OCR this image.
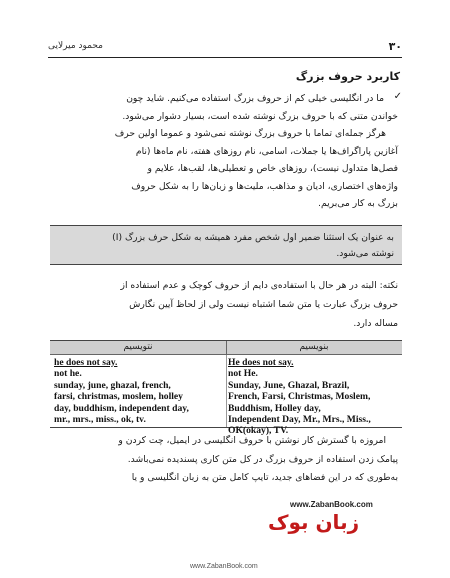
۳۰
محمود میرلایی
کاربرد حروف بزرگ
✓
ما در انگلیسی خیلی کم از حروف بزرگ استفاده می‌کنیم. شاید چون
خواندن متنی که با حروف بزرگ نوشته شده است، بسیار دشوار می‌شود.
هرگز جمله‌ای تماما با حروف بزرگ نوشته نمی‌شود و عموما اولین حرف
آغازین پاراگراف‌ها یا جملات، اسامی، نام روزهای هفته، نام ماه‌ها (نام
فصل‌ها متداول نیست)، روزهای خاص و تعطیلی‌ها، لقب‌ها، علایم و
واژه‌های اختصاری، ادیان و مذاهب، ملیت‌ها و زبان‌ها را به شکل حروف
بزرگ به کار می‌بریم.
به عنوان یک استثنا ضمیر اول شخص مفرد همیشه به شکل حرف بزرگ (I)
نوشته می‌شود.
نکته: البته در هر حال با استفاده‌ی دایم از حروف کوچک و عدم استفاده از
حروف بزرگ عبارت یا متن شما اشتباه نیست ولی از لحاظ آیین نگارش
مساله دارد.
نتویسیم	بنویسیم
he does not say.
not he.
sunday, june, ghazal, french,
farsi, christmas, moslem, holley
day, buddhism, independent day,
mr., mrs., miss., ok, tv.
He does not say.
not He.
Sunday, June, Ghazal, Brazil,
French, Farsi, Christmas, Moslem,
Buddhism, Holley day,
Independent Day, Mr., Mrs., Miss.,
OK(okay), TV.
امروزه با گسترش کار نوشتن با حروف انگلیسی در ایمیل، چت کردن و
پیامک زدن استفاده از حروف بزرگ در کل متن کاری پسندیده نمی‌باشد.
به‌طوری که در این فضاهای جدید، تایپ کامل متن به زبان انگلیسی و یا
www.ZabanBook.com
زبان بوک
www.ZabanBook.com
